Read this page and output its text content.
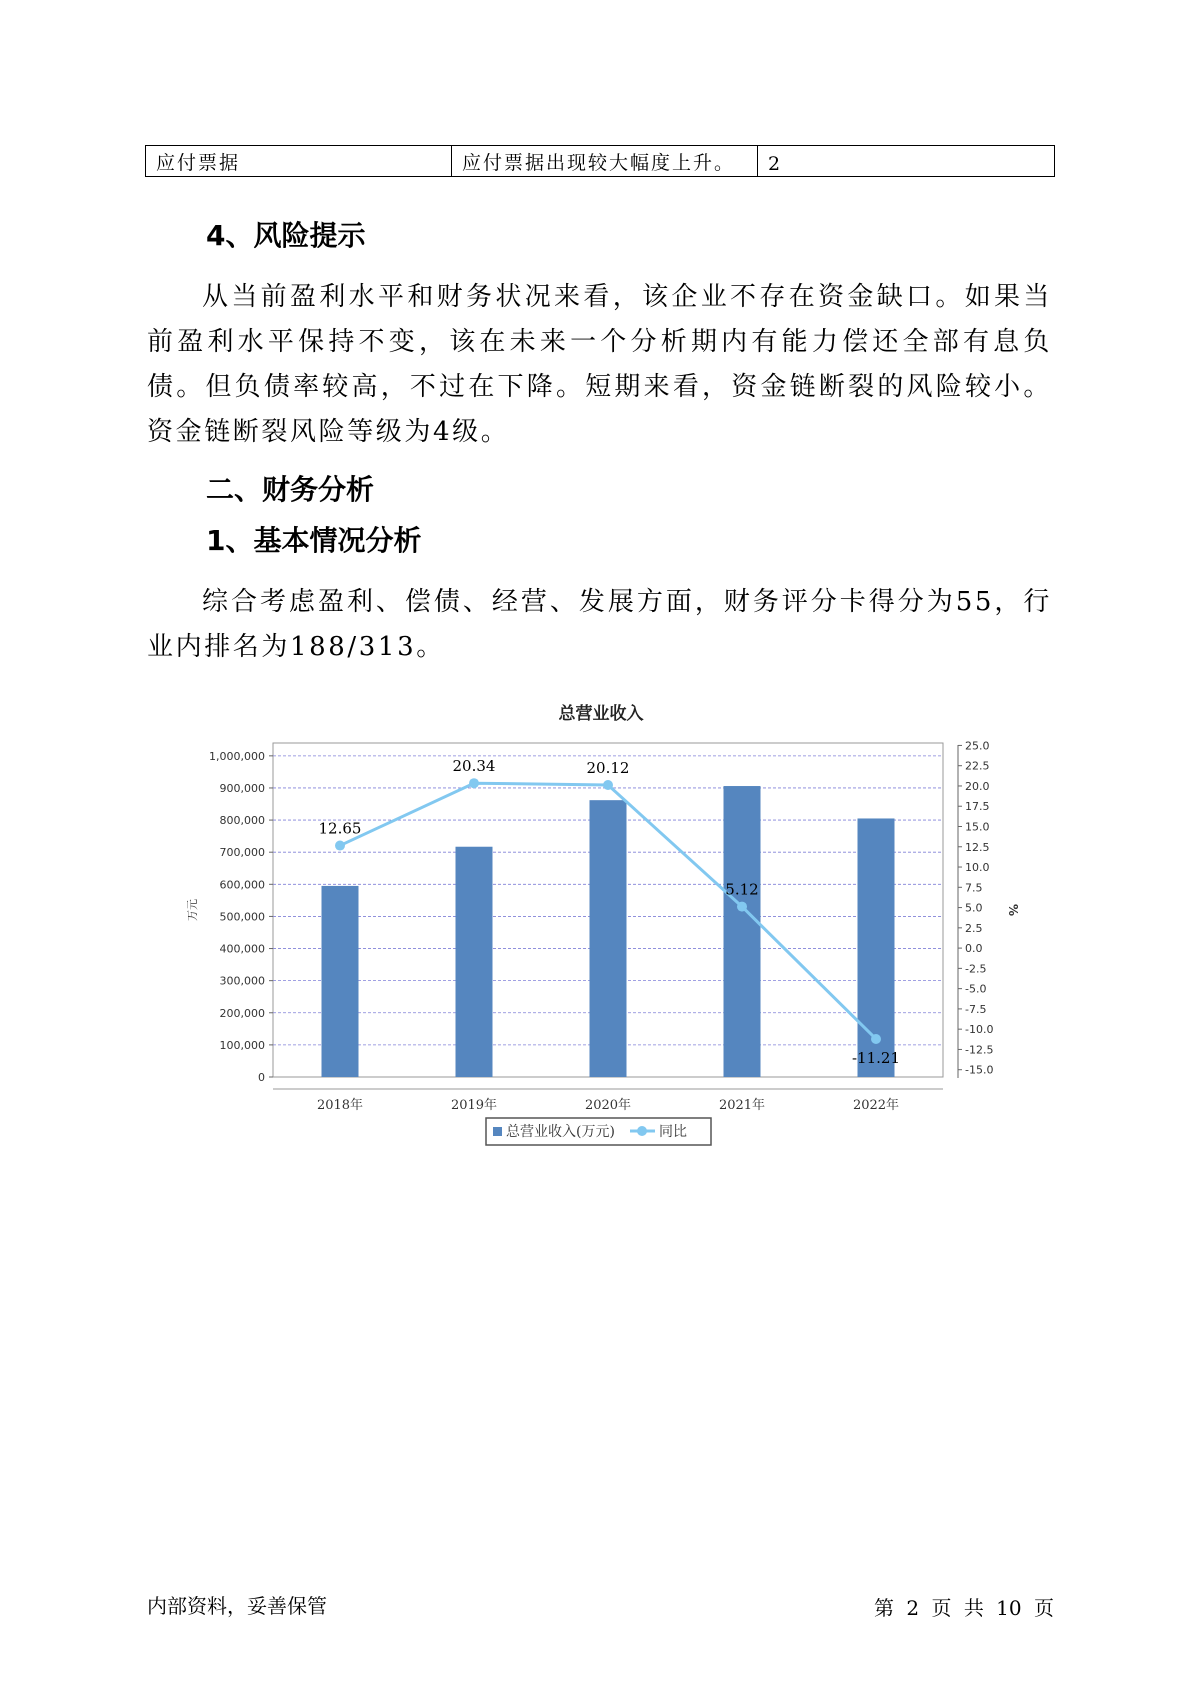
应付票据	应付票据出现较大幅度上升。	2
4、风险提示

从当前盈利水平和财务状况来看，该企业不存在资金缺口。如果当前盈利水平保持不变，该在未来一个分析期内有能力偿还全部有息负债。但负债率较高，不过在下降。短期来看，资金链断裂的风险较小。资金链断裂风险等级为4级。

二、财务分析
1、基本情况分析

综合考虑盈利、偿债、经营、发展方面，财务评分卡得分为55，行业内排名为188/313。

总营业收入
0
100,000
200,000
300,000
400,000
500,000
600,000
700,000
800,000
900,000
1,000,000
25.0
22.5
20.0
17.5
15.0
12.5
10.0
7.5
5.0
2.5
0.0
-2.5
-5.0
-7.5
-10.0
-12.5
-15.0
万元	%
2018年	2019年	2020年	2021年	2022年
12.65
20.34	20.12
5.12
-11.21
总营业收入(万元)	同比
内部资料，妥善保管	第 2 页 共 10 页
